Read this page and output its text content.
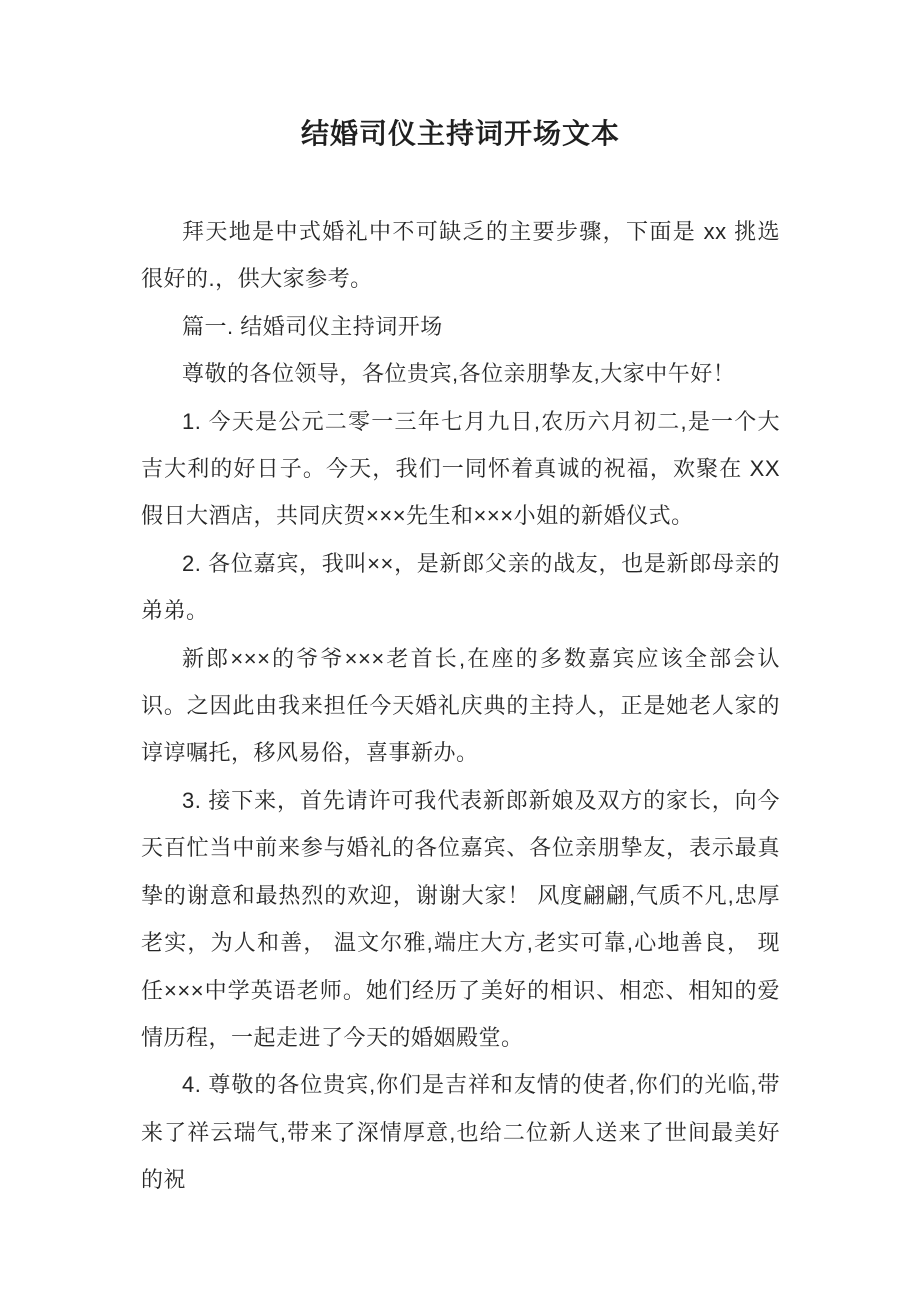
结婚司仪主持词开场文本

拜天地是中式婚礼中不可缺乏的主要步骤，下面是 xx 挑选很好的.，供大家参考。

篇一. 结婚司仪主持词开场

尊敬的各位领导，各位贵宾,各位亲朋挚友,大家中午好！

1. 今天是公元二零一三年七月九日,农历六月初二,是一个大吉大利的好日子。今天，我们一同怀着真诚的祝福，欢聚在 XX 假日大酒店，共同庆贺×××先生和×××小姐的新婚仪式。

2. 各位嘉宾，我叫××，是新郎父亲的战友，也是新郎母亲的弟弟。

新郎×××的爷爷×××老首长,在座的多数嘉宾应该全部会认识。之因此由我来担任今天婚礼庆典的主持人，正是她老人家的谆谆嘱托，移风易俗，喜事新办。

3. 接下来，首先请许可我代表新郎新娘及双方的家长，向今天百忙当中前来参与婚礼的各位嘉宾、各位亲朋挚友，表示最真挚的谢意和最热烈的欢迎，谢谢大家！ 风度翩翩,气质不凡,忠厚老实，为人和善， 温文尔雅,端庄大方,老实可靠,心地善良， 现任×××中学英语老师。她们经历了美好的相识、相恋、相知的爱情历程，一起走进了今天的婚姻殿堂。

4. 尊敬的各位贵宾,你们是吉祥和友情的使者,你们的光临,带来了祥云瑞气,带来了深情厚意,也给二位新人送来了世间最美好的祝
